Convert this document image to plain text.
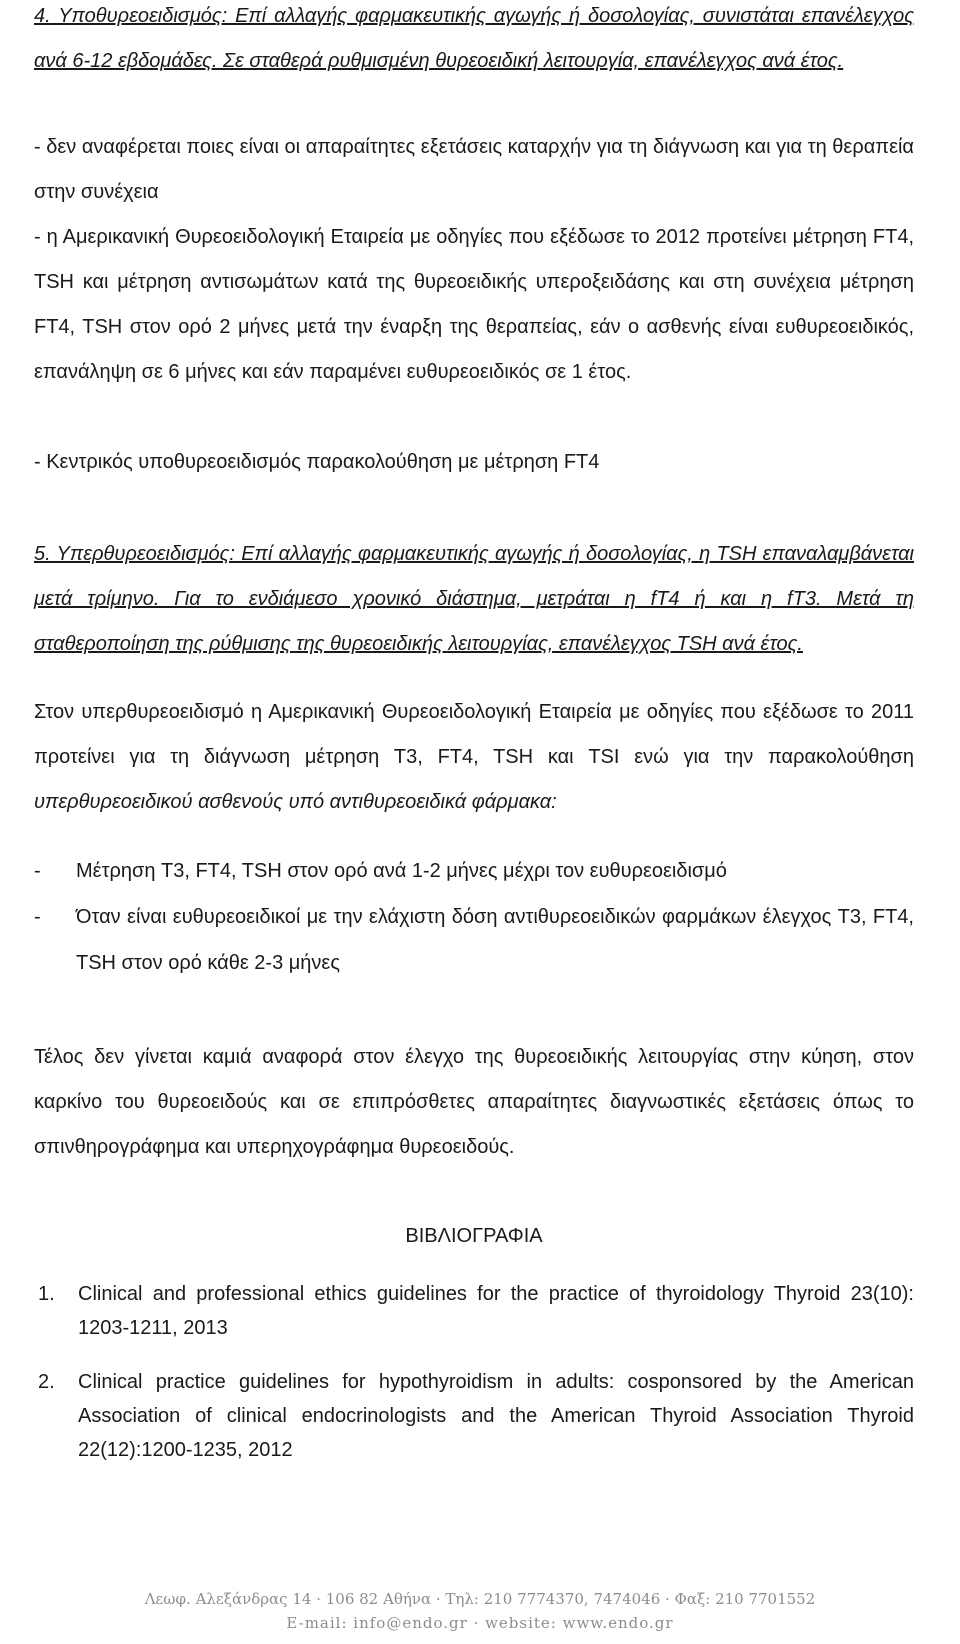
4. Υποθυρεοειδισμός: Επί αλλαγής φαρμακευτικής αγωγής ή δοσολογίας, συνιστάται επανέλεγχος ανά 6-12 εβδομάδες. Σε σταθερά ρυθμισμένη θυρεοειδική λειτουργία, επανέλεγχος ανά έτος.

- δεν αναφέρεται ποιες είναι οι απαραίτητες εξετάσεις καταρχήν για τη διάγνωση και για τη θεραπεία στην συνέχεια

- η Αμερικανική Θυρεοειδολογική Εταιρεία με οδηγίες που εξέδωσε το 2012 προτείνει μέτρηση FT4, TSH και μέτρηση αντισωμάτων κατά της θυρεοειδικής υπεροξειδάσης και στη συνέχεια μέτρηση FT4, TSH στον ορό 2 μήνες μετά την έναρξη της θεραπείας, εάν ο ασθενής είναι ευθυρεοειδικός, επανάληψη σε 6 μήνες και εάν παραμένει ευθυρεοειδικός σε 1 έτος.

- Κεντρικός υποθυρεοειδισμός παρακολούθηση με μέτρηση FT4

5. Υπερθυρεοειδισμός: Επί αλλαγής φαρμακευτικής αγωγής ή δοσολογίας, η TSH επαναλαμβάνεται μετά τρίμηνο. Για το ενδιάμεσο χρονικό διάστημα, μετράται η fT4 ή και η fT3. Μετά τη σταθεροποίηση της ρύθμισης της θυρεοειδικής λειτουργίας, επανέλεγχος TSH ανά έτος.

Στον υπερθυρεοειδισμό η Αμερικανική Θυρεοειδολογική Εταιρεία με οδηγίες που εξέδωσε το 2011 προτείνει για τη διάγνωση μέτρηση T3, FT4, TSH και TSI ενώ για την παρακολούθηση υπερθυρεοειδικού ασθενούς υπό αντιθυρεοειδικά φάρμακα:

- Μέτρηση T3, FT4, TSH στον ορό ανά 1-2 μήνες μέχρι τον ευθυρεοειδισμό
- Όταν είναι ευθυρεοειδικοί με την ελάχιστη δόση αντιθυρεοειδικών φαρμάκων έλεγχος T3, FT4, TSH στον ορό κάθε 2-3 μήνες

Τέλος δεν γίνεται καμιά αναφορά στον έλεγχο της θυρεοειδικής λειτουργίας στην κύηση, στον καρκίνο του θυρεοειδούς και σε επιπρόσθετες απαραίτητες διαγνωστικές εξετάσεις όπως το σπινθηρογράφημα και υπερηχογράφημα θυρεοειδούς.

ΒΙΒΛΙΟΓΡΑΦΙΑ
1. Clinical and professional ethics guidelines for the practice of thyroidology Thyroid 23(10): 1203-1211, 2013
2. Clinical practice guidelines for hypothyroidism in adults: cosponsored by the American Association of clinical endocrinologists and the American Thyroid Association Thyroid 22(12):1200-1235, 2012
Λεωφ. Αλεξάνδρας 14 · 106 82 Αθήνα · Τηλ: 210 7774370, 7474046 · Φαξ: 210 7701552
E-mail: info@endo.gr · website: www.endo.gr
